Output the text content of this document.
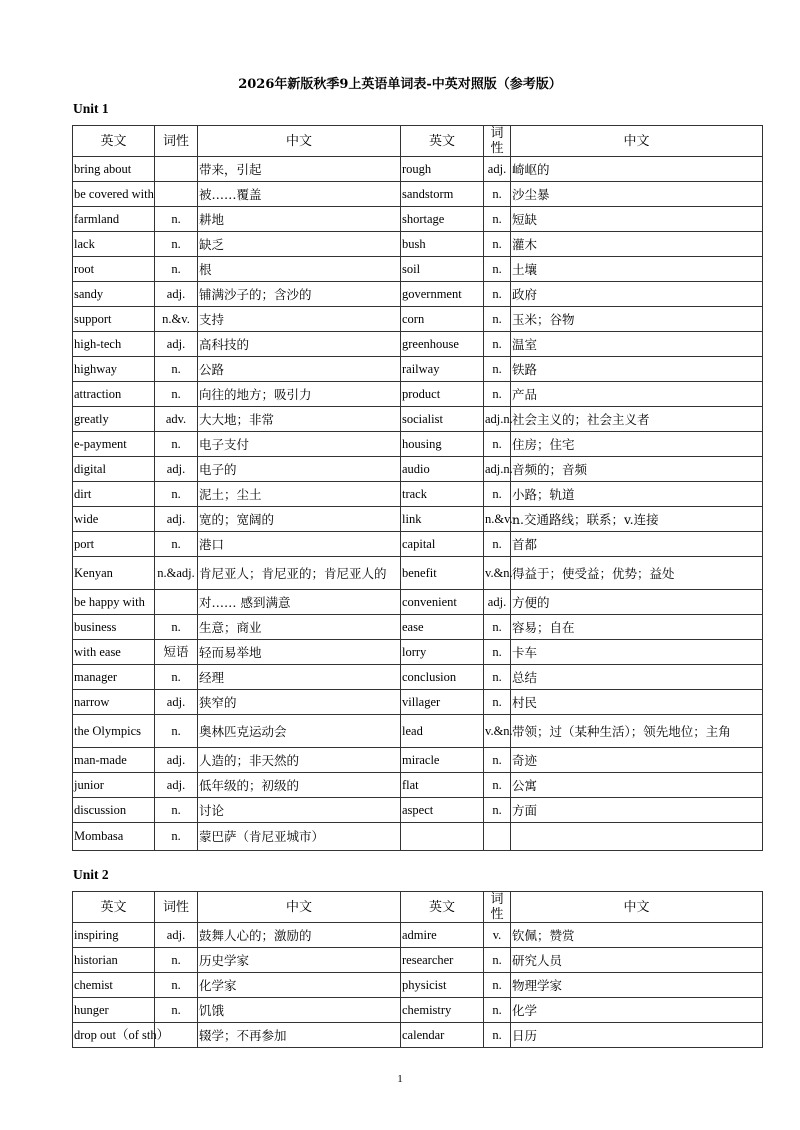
2026年新版秋季9上英语单词表-中英对照版（参考版）
Unit 1
英文	词性	中文	英文	词性	中文
bring about		带来，引起	rough	adj.	崎岖的
be covered with		被……覆盖	sandstorm	n.	沙尘暴
farmland	n.	耕地	shortage	n.	短缺
lack	n.	缺乏	bush	n.	灌木
root	n.	根	soil	n.	土壤
sandy	adj.	铺满沙子的；含沙的	government	n.	政府
support	n.&v.	支持	corn	n.	玉米；谷物
high-tech	adj.	高科技的	greenhouse	n.	温室
highway	n.	公路	railway	n.	铁路
attraction	n.	向往的地方；吸引力	product	n.	产品
greatly	adv.	大大地；非常	socialist	adj.n.	社会主义的；社会主义者
e-payment	n.	电子支付	housing	n.	住房；住宅
digital	adj.	电子的	audio	adj.n.	音频的；音频
dirt	n.	泥土；尘土	track	n.	小路；轨道
wide	adj.	宽的；宽阔的	link	n.&v.	n.交通路线；联系；v.连接
port	n.	港口	capital	n.	首都
Kenyan	n.&adj.	肯尼亚人；肯尼亚的；肯尼亚人的	benefit	v.&n.	得益于；使受益；优势；益处
be happy with		对…… 感到满意	convenient	adj.	方便的
business	n.	生意；商业	ease	n.	容易；自在
with ease	短语	轻而易举地	lorry	n.	卡车
manager	n.	经理	conclusion	n.	总结
narrow	adj.	狭窄的	villager	n.	村民
the Olympics	n.	奥林匹克运动会	lead	v.&n.	带领；过（某种生活）；领先地位；主角
man-made	adj.	人造的；非天然的	miracle	n.	奇迹
junior	adj.	低年级的；初级的	flat	n.	公寓
discussion	n.	讨论	aspect	n.	方面
Mombasa	n.	蒙巴萨（肯尼亚城市）			
Unit 2
英文	词性	中文	英文	词性	中文
inspiring	adj.	鼓舞人心的；激励的	admire	v.	钦佩；赞赏
historian	n.	历史学家	researcher	n.	研究人员
chemist	n.	化学家	physicist	n.	物理学家
hunger	n.	饥饿	chemistry	n.	化学
drop out（of sth）		辍学；不再参加	calendar	n.	日历
1
